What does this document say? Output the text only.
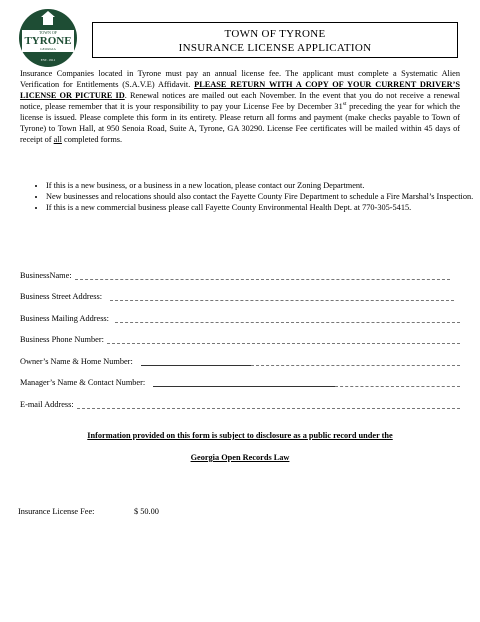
TOWN OF
TYRONE
GEORGIA
EST. 1911
TOWN OF TYRONE
INSURANCE LICENSE APPLICATION
Insurance Companies located in Tyrone must pay an annual license fee. The applicant must complete a Systematic Alien Verification for Entitlements (S.A.V.E) Affidavit. PLEASE RETURN WITH A COPY OF YOUR CURRENT DRIVER’S LICENSE OR PICTURE ID. Renewal notices are mailed out each November. In the event that you do not receive a renewal notice, please remember that it is your responsibility to pay your License Fee by December 31st preceding the year for which the license is issued. Please complete this form in its entirety. Please return all forms and payment (make checks payable to Town of Tyrone) to Town Hall, at 950 Senoia Road, Suite A, Tyrone, GA 30290. License Fee certificates will be mailed within 45 days of receipt of all completed forms.
• If this is a new business, or a business in a new location, please contact our Zoning Department.
• New businesses and relocations should also contact the Fayette County Fire Department to schedule a Fire Marshal’s Inspection.
• If this is a new commercial business please call Fayette County Environmental Health Dept. at 770-305-5415.
BusinessName:
Business Street Address:
Business Mailing Address:
Business Phone Number:
Owner’s Name & Home Number:
Manager’s Name & Contact Number:
E-mail Address:
Information provided on this form is subject to disclosure as a public record under the
Georgia Open Records Law
Insurance License Fee:	$ 50.00
